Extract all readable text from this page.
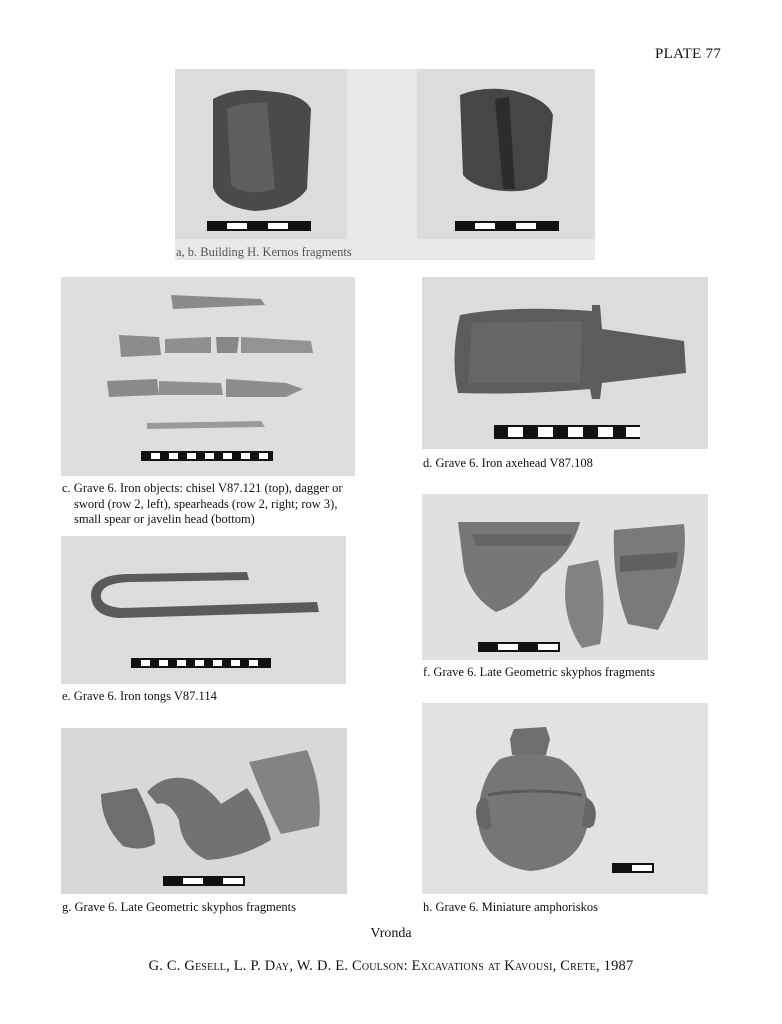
PLATE 77
a, b. Building H. Kernos fragments
c. Grave 6. Iron objects: chisel V87.121 (top), dagger or sword (row 2, left), spearheads (row 2, right; row 3), small spear or javelin head (bottom)
d. Grave 6. Iron axehead V87.108
e. Grave 6. Iron tongs V87.114
f. Grave 6. Late Geometric skyphos fragments
g. Grave 6. Late Geometric skyphos fragments	h. Grave 6. Miniature amphoriskos
Vronda
G. C. Gesell, L. P. Day, W. D. E. Coulson: Excavations at Kavousi, Crete, 1987
